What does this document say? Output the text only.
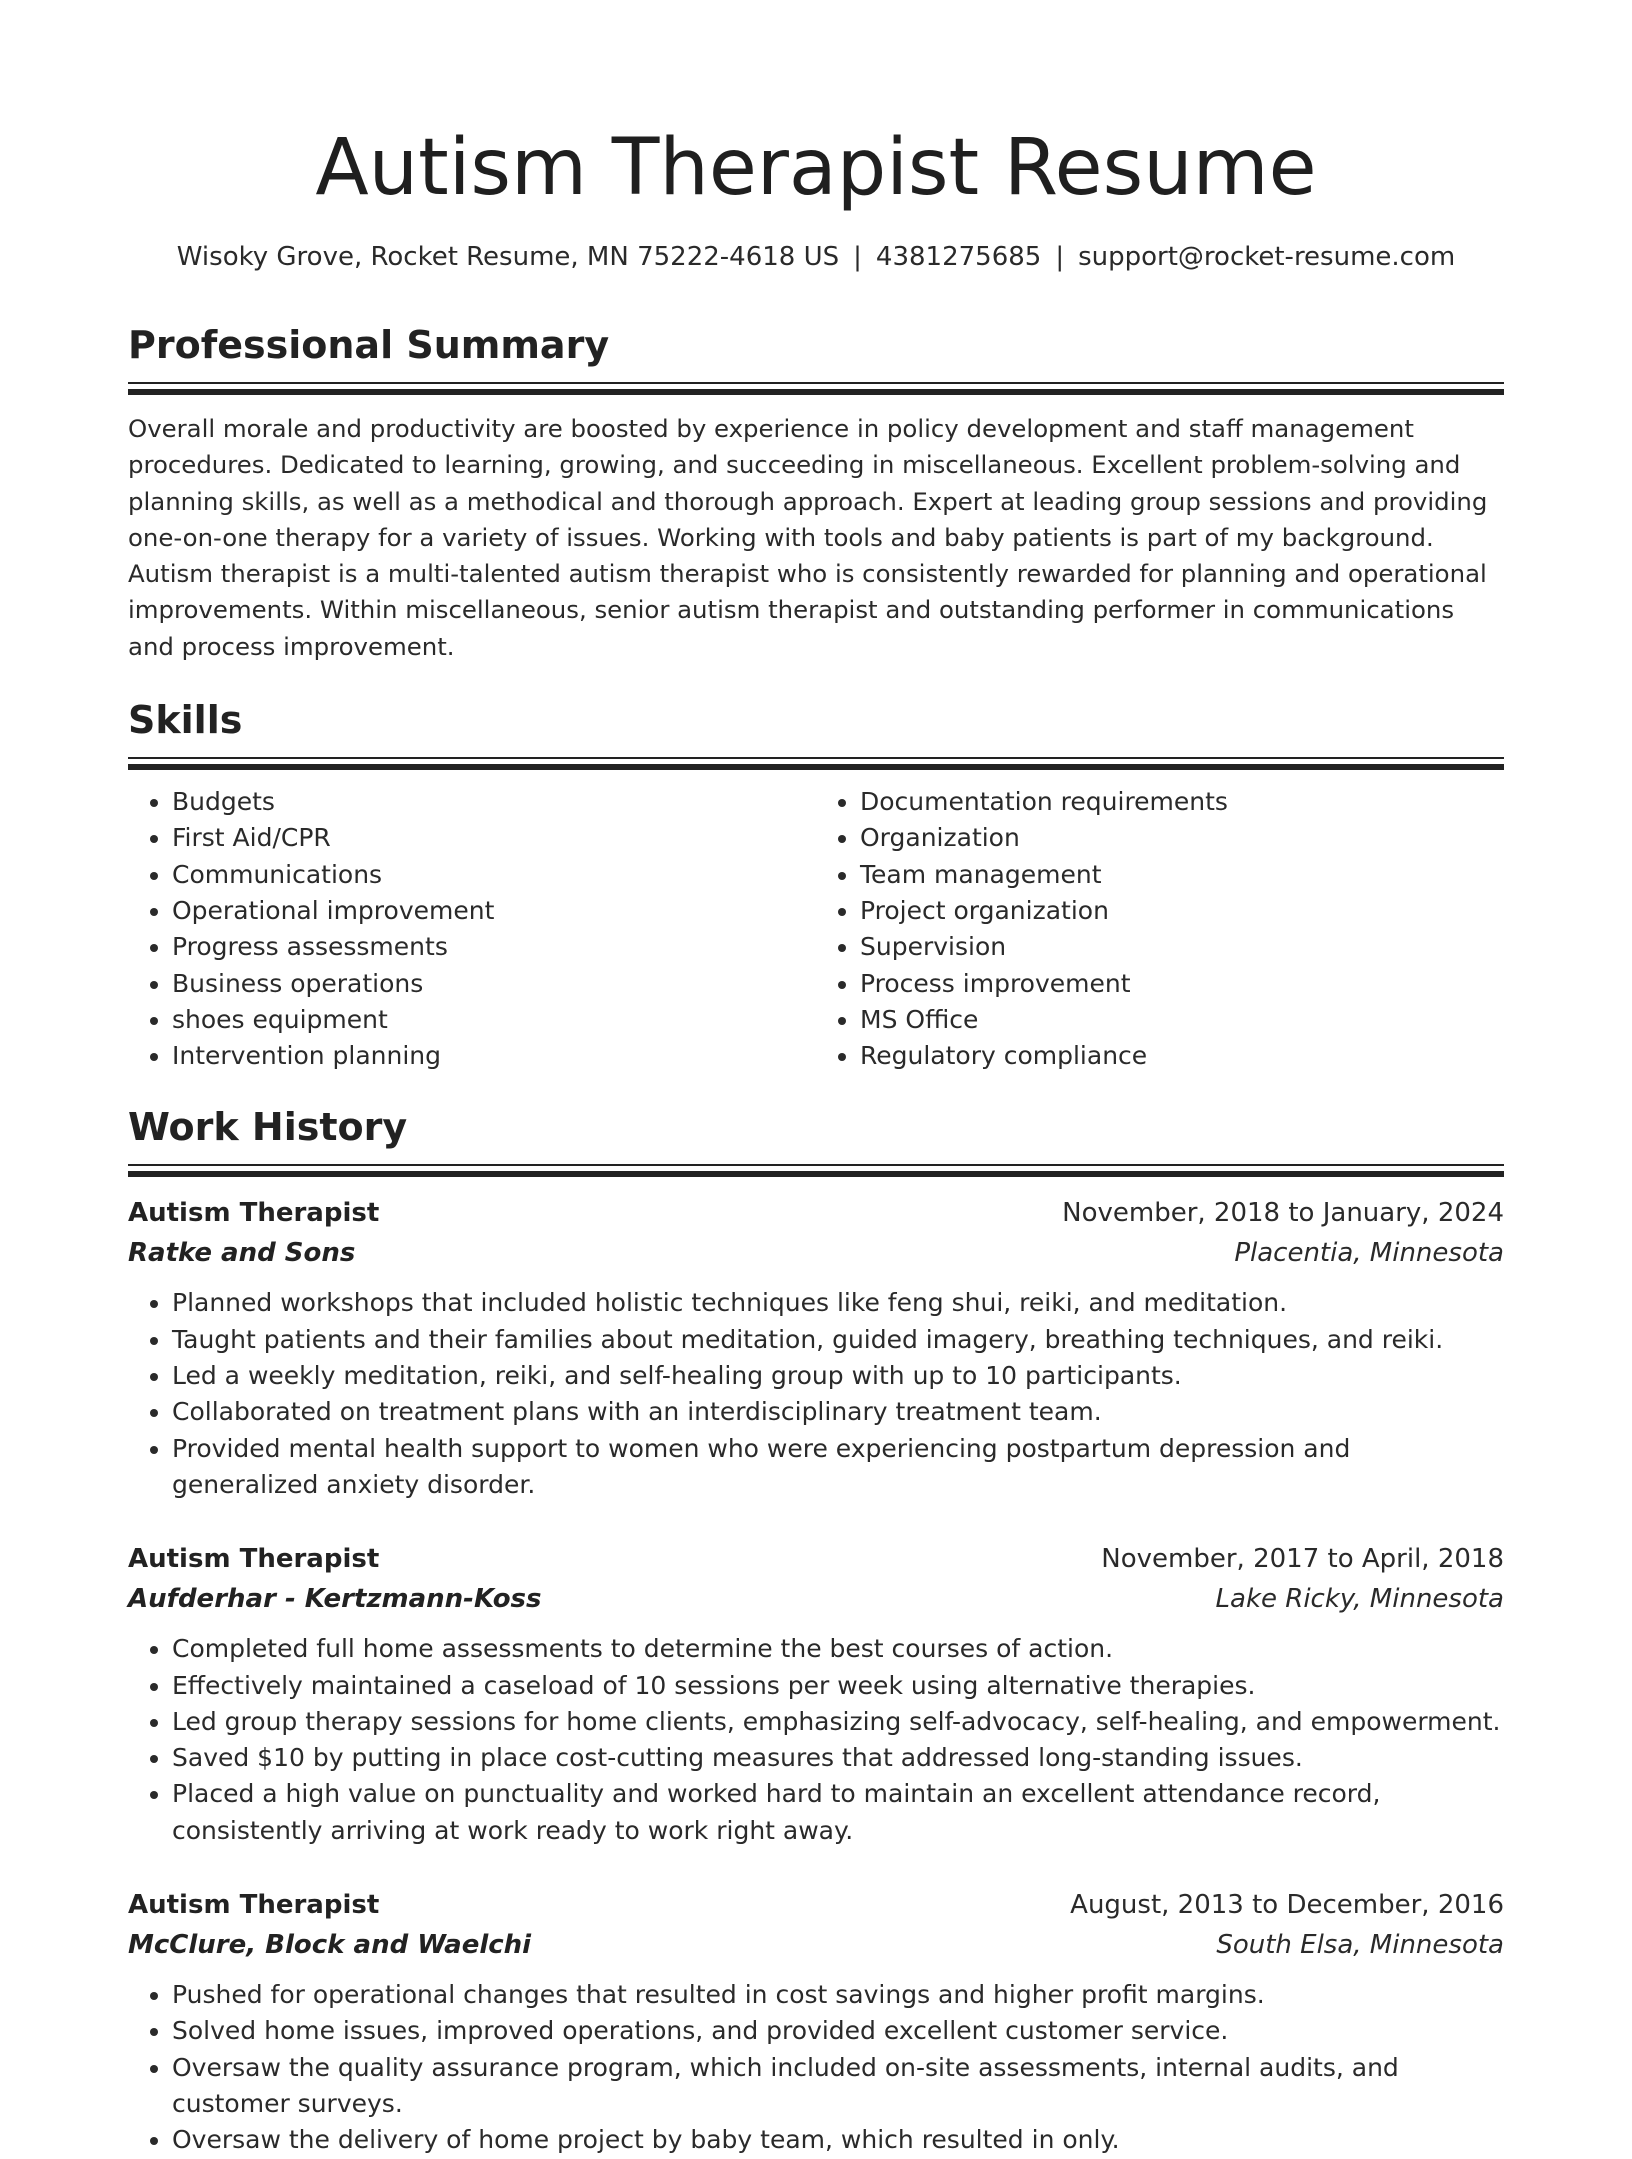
Autism Therapist Resume
Wisoky Grove, Rocket Resume, MN 75222-4618 US | 4381275685 | support@rocket-resume.com
Professional Summary

Overall morale and productivity are boosted by experience in policy development and staff management procedures. Dedicated to learning, growing, and succeeding in miscellaneous. Excellent problem-solving and planning skills, as well as a methodical and thorough approach. Expert at leading group sessions and providing one-on-one therapy for a variety of issues. Working with tools and baby patients is part of my background. Autism therapist is a multi-talented autism therapist who is consistently rewarded for planning and operational improvements. Within miscellaneous, senior autism therapist and outstanding performer in communications and process improvement.

Skills
• Budgets
• First Aid/CPR
• Communications
• Operational improvement
• Progress assessments
• Business operations
• shoes equipment
• Intervention planning
• Documentation requirements
• Organization
• Team management
• Project organization
• Supervision
• Process improvement
• MS Office
• Regulatory compliance
Work History
Autism Therapist	November, 2018 to January, 2024
Ratke and Sons	Placentia, Minnesota
• Planned workshops that included holistic techniques like feng shui, reiki, and meditation.
• Taught patients and their families about meditation, guided imagery, breathing techniques, and reiki.
• Led a weekly meditation, reiki, and self-healing group with up to 10 participants.
• Collaborated on treatment plans with an interdisciplinary treatment team.
• Provided mental health support to women who were experiencing postpartum depression and generalized anxiety disorder.
Autism Therapist	November, 2017 to April, 2018
Aufderhar - Kertzmann-Koss	Lake Ricky, Minnesota
• Completed full home assessments to determine the best courses of action.
• Effectively maintained a caseload of 10 sessions per week using alternative therapies.
• Led group therapy sessions for home clients, emphasizing self-advocacy, self-healing, and empowerment.
• Saved $10 by putting in place cost-cutting measures that addressed long-standing issues.
• Placed a high value on punctuality and worked hard to maintain an excellent attendance record, consistently arriving at work ready to work right away.
Autism Therapist	August, 2013 to December, 2016
McClure, Block and Waelchi	South Elsa, Minnesota
• Pushed for operational changes that resulted in cost savings and higher profit margins.
• Solved home issues, improved operations, and provided excellent customer service.
• Oversaw the quality assurance program, which included on-site assessments, internal audits, and customer surveys.
• Oversaw the delivery of home project by baby team, which resulted in only.
